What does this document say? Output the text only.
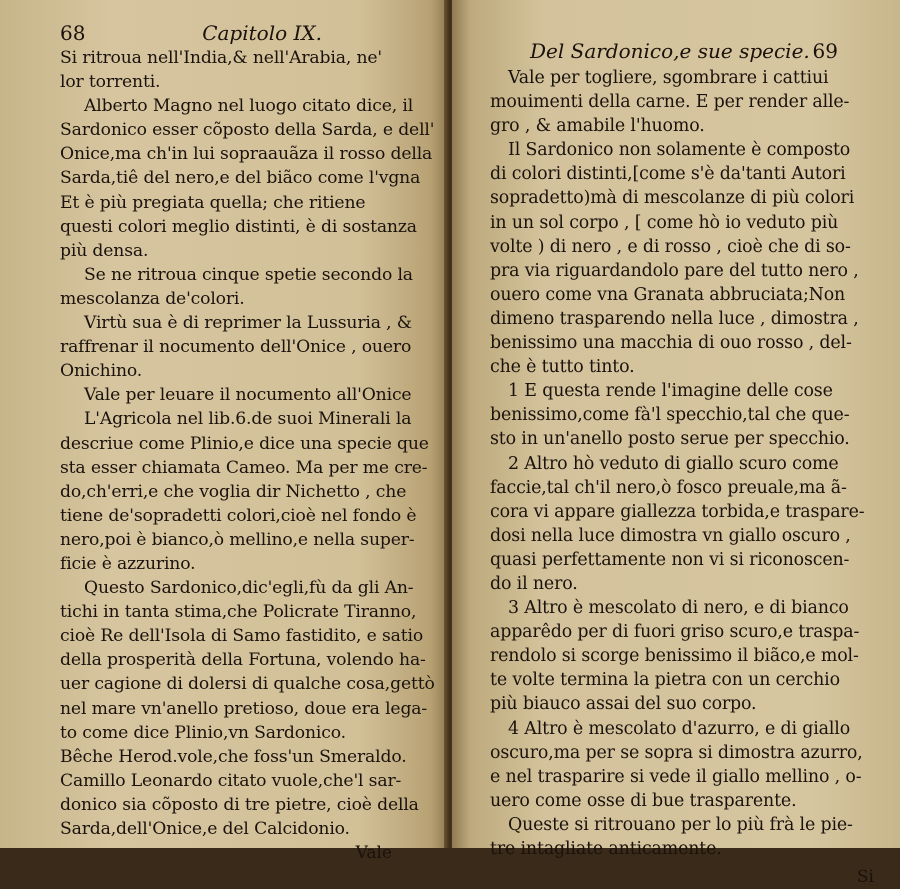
68	Capitolo IX.
Si ritroua nell'India,& nell'Arabia, ne'
lor torrenti.
Alberto Magno nel luogo citato dice, il
Sardonico esser cõposto della Sarda, e dell'
Onice,ma ch'in lui sopraauãza il rosso della
Sarda,tiê del nero,e del biãco come l'vgna
Et è più pregiata quella; che ritiene
questi colori meglio distinti, è di sostanza
più densa.
Se ne ritroua cinque spetie secondo la
mescolanza de'colori.
Virtù sua è di reprimer la Lussuria , &
raffrenar il nocumento dell'Onice , ouero
Onichino.
Vale per leuare il nocumento all'Onice
L'Agricola nel lib.6.de suoi Minerali la
descriue come Plinio,e dice una specie que
sta esser chiamata Cameo. Ma per me cre-
do,ch'erri,e che voglia dir Nichetto , che
tiene de'sopradetti colori,cioè nel fondo è
nero,poi è bianco,ò mellino,e nella super-
ficie è azzurino.
Questo Sardonico,dic'egli,fù da gli An-
tichi in tanta stima,che Policrate Tiranno,
cioè Re dell'Isola di Samo fastidito, e satio
della prosperità della Fortuna, volendo ha-
uer cagione di dolersi di qualche cosa,gettò
nel mare vn'anello pretioso, doue era lega-
to come dice Plinio,vn Sardonico.
Bêche Herod.vole,che foss'un Smeraldo.
Camillo Leonardo citato vuole,che'l sar-
donico sia cõposto di tre pietre, cioè della
Sarda,dell'Onice,e del Calcidonio.
Vale
Del Sardonico,e sue specie. 69
Vale per togliere, sgombrare i cattiui
mouimenti della carne. E per render alle-
gro , & amabile l'huomo.
Il Sardonico non solamente è composto
di colori distinti,[come s'è da'tanti Autori
sopradetto)mà di mescolanze di più colori
in un sol corpo , [ come hò io veduto più
volte ) di nero , e di rosso , cioè che di so-
pra via riguardandolo pare del tutto nero ,
ouero come vna Granata abbruciata;Non
dimeno trasparendo nella luce , dimostra ,
benissimo una macchia di ouo rosso , del-
che è tutto tinto.
1 E questa rende l'imagine delle cose
benissimo,come fà'l specchio,tal che que-
sto in un'anello posto serue per specchio.
2 Altro hò veduto di giallo scuro come
faccie,tal ch'il nero,ò fosco preuale,ma ã-
cora vi appare giallezza torbida,e traspare-
dosi nella luce dimostra vn giallo oscuro ,
quasi perfettamente non vi si riconoscen-
do il nero.
3 Altro è mescolato di nero, e di bianco
apparêdo per di fuori griso scuro,e traspa-
rendolo si scorge benissimo il biãco,e mol-
te volte termina la pietra con un cerchio
più biauco assai del suo corpo.
4 Altro è mescolato d'azurro, e di giallo
oscuro,ma per se sopra si dimostra azurro,
e nel trasparire si vede il giallo mellino , o-
uero come osse di bue trasparente.
Queste si ritrouano per lo più frà le pie-
tre intagliate anticamente.
Si
